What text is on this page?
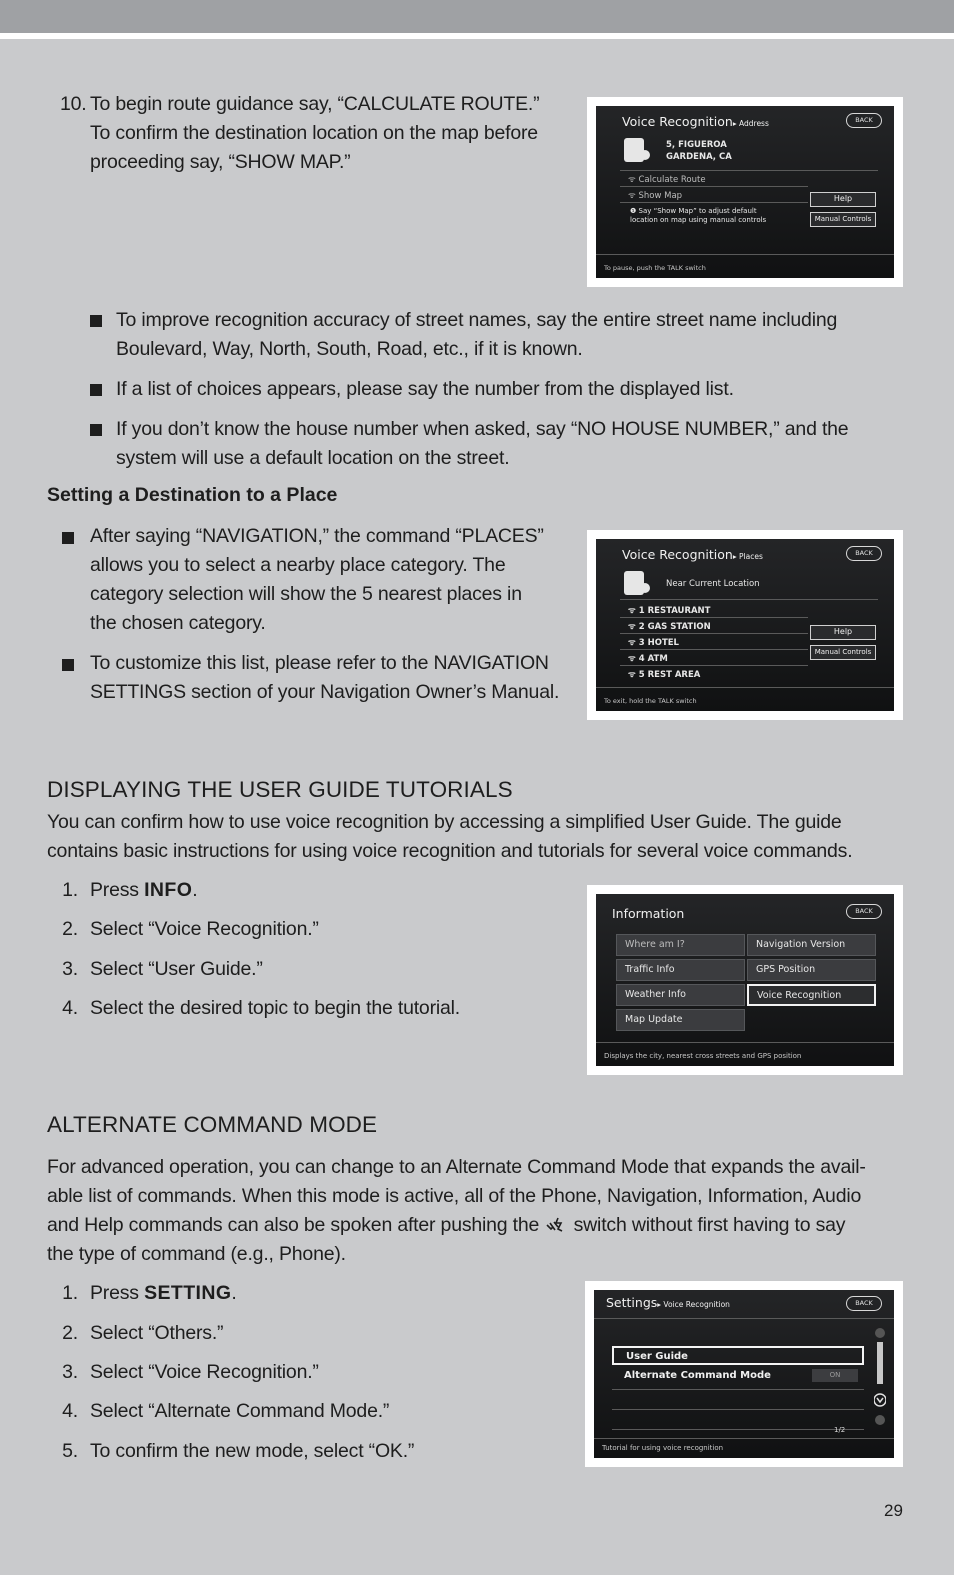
10. To begin route guidance say, “CALCULATE ROUTE.”
To confirm the destination location on the map before
proceeding say, “SHOW MAP.”
Voice Recognition▸ Address	BACK
5, FIGUEROA
GARDENA, CA
ᯤ Calculate Route
ᯤ Show Map
❶ Say “Show Map” to adjust default
location on map using manual controls
Help
Manual Controls
To pause, push the TALK switch
To improve recognition accuracy of street names, say the entire street name including
Boulevard, Way, North, South, Road, etc., if it is known.
If a list of choices appears, please say the number from the displayed list.
If you don’t know the house number when asked, say “NO HOUSE NUMBER,” and the
system will use a default location on the street.
Setting a Destination to a Place
After saying “NAVIGATION,” the command “PLACES”
allows you to select a nearby place category. The
category selection will show the 5 nearest places in
the chosen category.
To customize this list, please refer to the NAVIGATION
SETTINGS section of your Navigation Owner’s Manual.
Voice Recognition▸ Places	BACK
Near Current Location
ᯤ 1 RESTAURANT
ᯤ 2 GAS STATION
ᯤ 3 HOTEL
ᯤ 4 ATM
ᯤ 5 REST AREA
Help
Manual Controls
To exit, hold the TALK switch
DISPLAYING THE USER GUIDE TUTORIALS
You can confirm how to use voice recognition by accessing a simplified User Guide. The guide
contains basic instructions for using voice recognition and tutorials for several voice commands.
1. Press INFO.
2. Select “Voice Recognition.”
3. Select “User Guide.”
4. Select the desired topic to begin the tutorial.
Information	BACK
Where am I?
Traffic Info
Weather Info
Map Update
Navigation Version
GPS Position
Voice Recognition
Displays the city, nearest cross streets and GPS position
ALTERNATE COMMAND MODE
For advanced operation, you can change to an Alternate Command Mode that expands the avail-
able list of commands. When this mode is active, all of the Phone, Navigation, Information, Audio
and Help commands can also be spoken after pushing the switch without first having to say
the type of command (e.g., Phone).
1. Press SETTING.
2. Select “Others.”
3. Select “Voice Recognition.”
4. Select “Alternate Command Mode.”
5. To confirm the new mode, select “OK.”
Settings▸ Voice Recognition	BACK
User Guide
Alternate Command Mode	ON
1/2
Tutorial for using voice recognition
29
